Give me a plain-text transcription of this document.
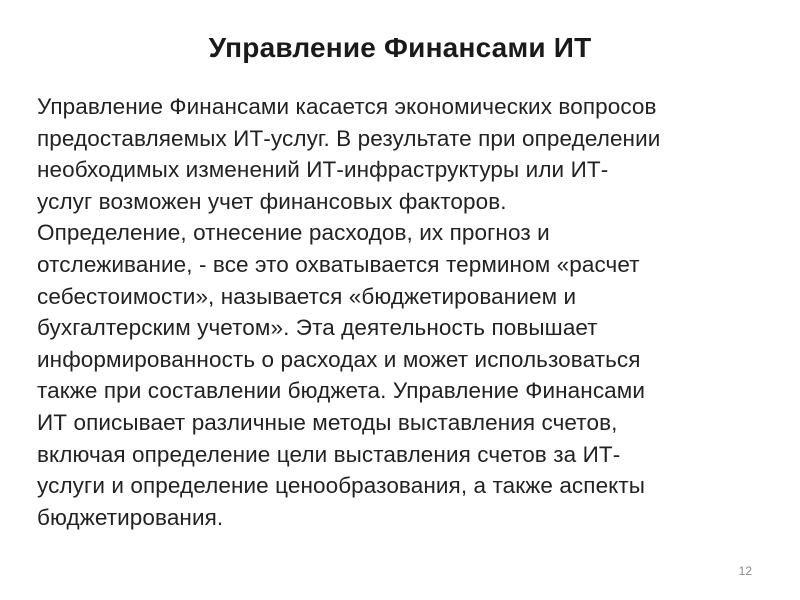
Управление Финансами ИТ
Управление Финансами касается экономических вопросов
предоставляемых ИТ-услуг. В результате при определении
необходимых изменений ИТ-инфраструктуры или ИТ-
услуг возможен учет финансовых факторов.
Определение, отнесение расходов, их прогноз и
отслеживание, - все это охватывается термином «расчет
себестоимости», называется «бюджетированием и
бухгалтерским учетом». Эта деятельность повышает
информированность о расходах и может использоваться
также при составлении бюджета. Управление Финансами
ИТ описывает различные методы выставления счетов,
включая определение цели выставления счетов за ИТ-
услуги и определение ценообразования, а также аспекты
бюджетирования.
12
